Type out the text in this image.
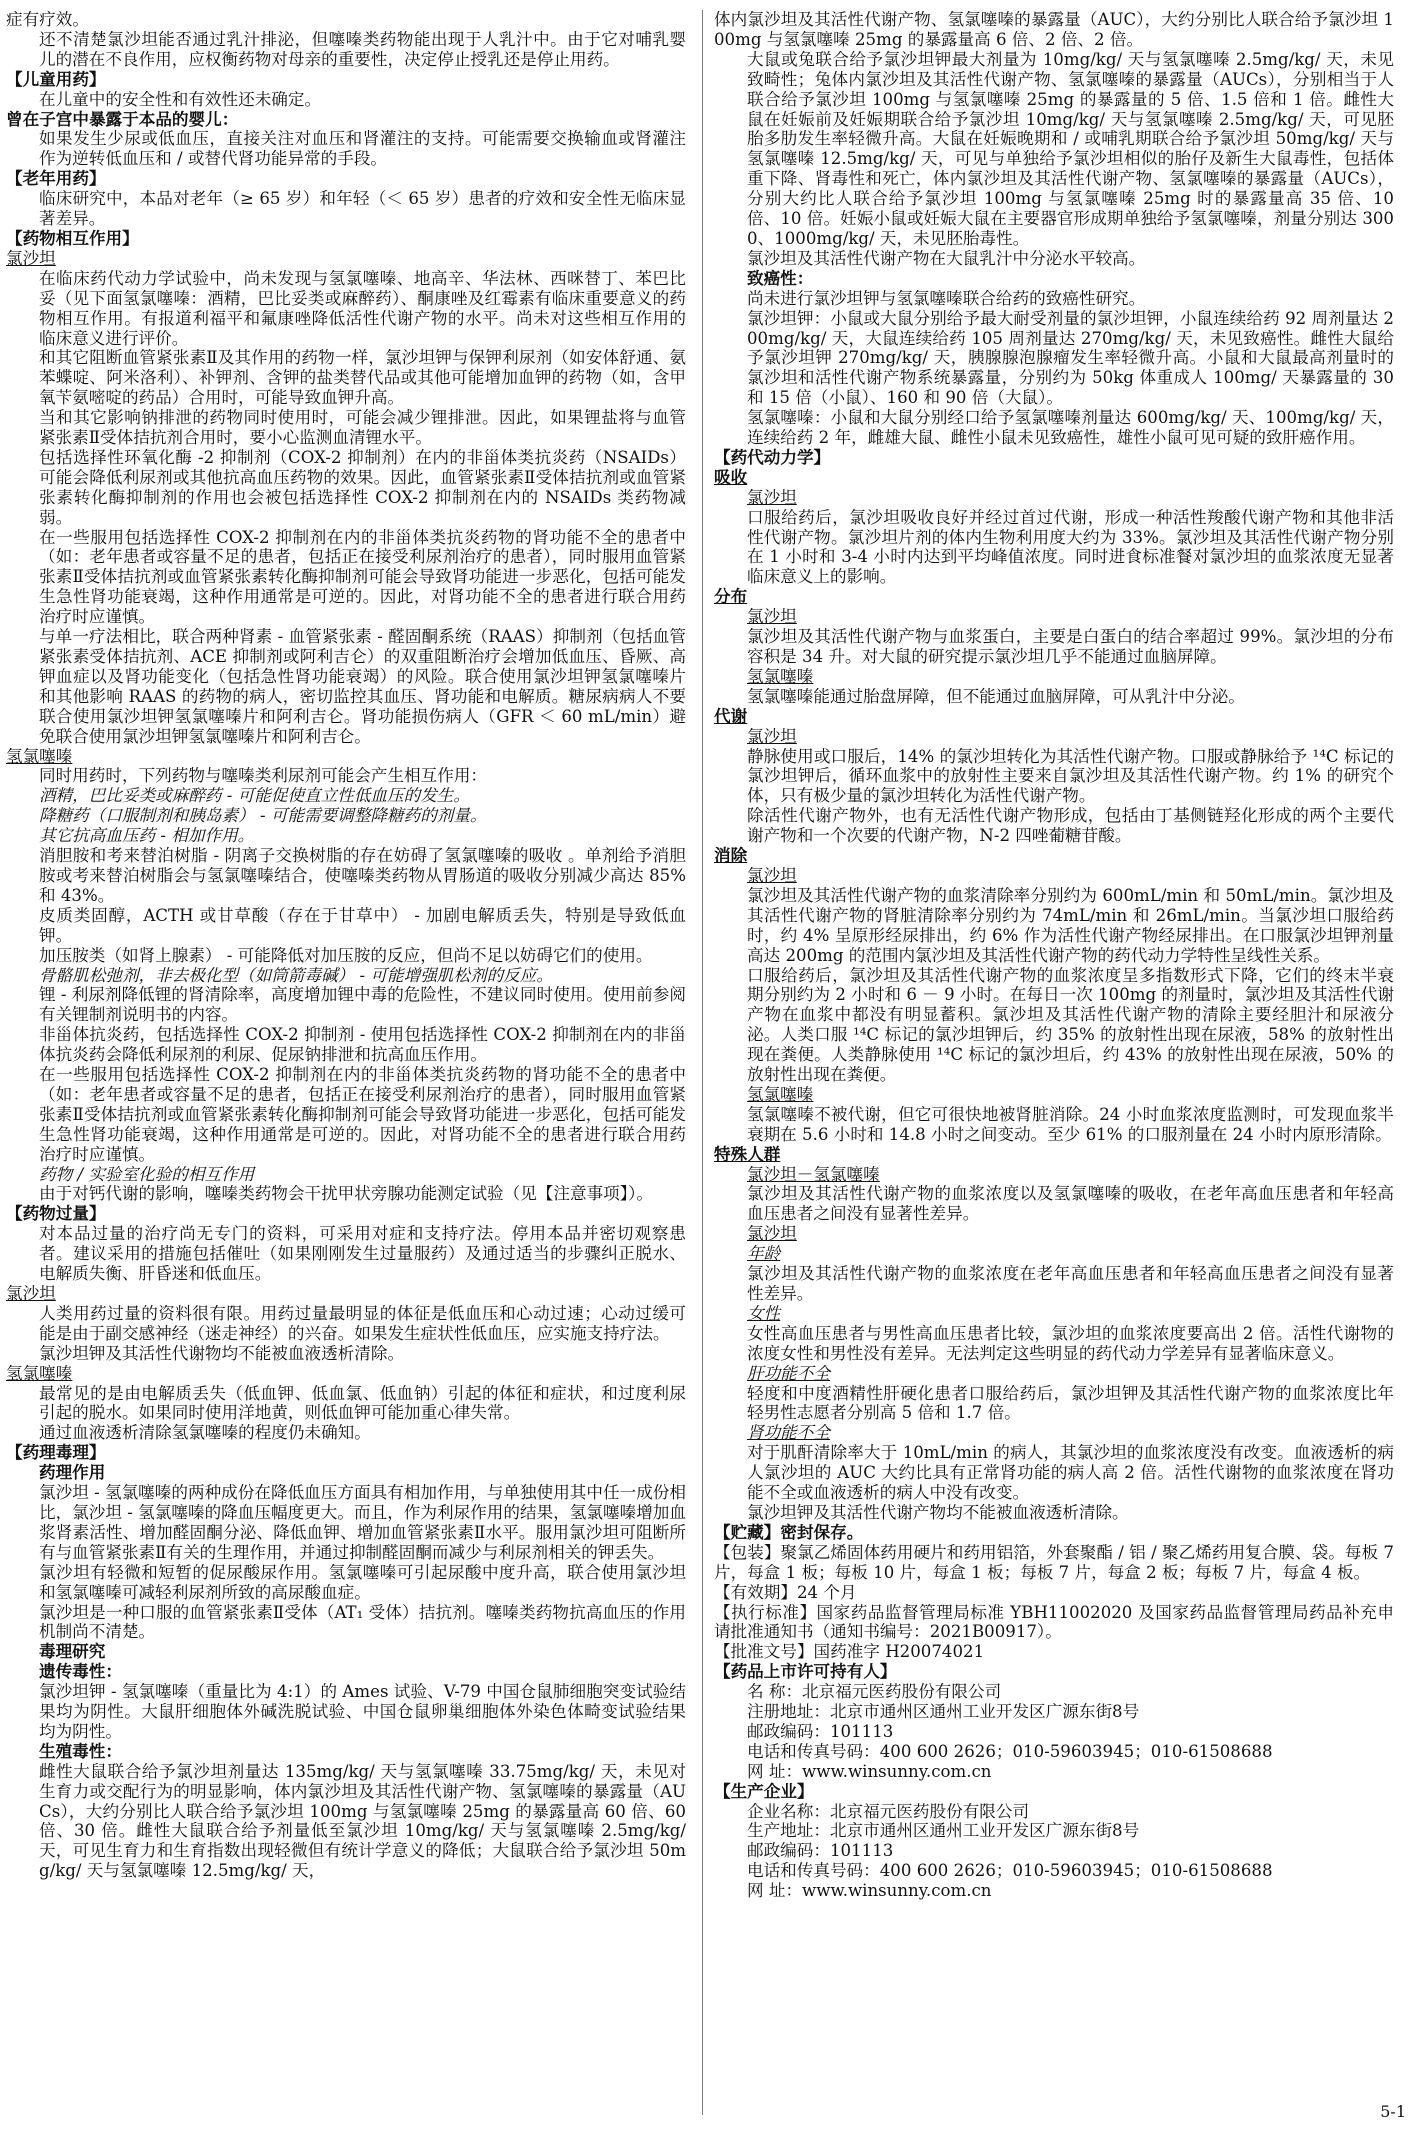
症有疗效。

还不清楚氯沙坦能否通过乳汁排泌，但噻嗪类药物能出现于人乳汁中。由于它对哺乳婴儿的潜在不良作用，应权衡药物对母亲的重要性，决定停止授乳还是停止用药。

【儿童用药】

在儿童中的安全性和有效性还未确定。

曾在子宫中暴露于本品的婴儿：

如果发生少尿或低血压，直接关注对血压和肾灌注的支持。可能需要交换输血或肾灌注作为逆转低血压和 / 或替代肾功能异常的手段。

【老年用药】

临床研究中，本品对老年（≥ 65 岁）和年轻（＜ 65 岁）患者的疗效和安全性无临床显著差异。

【药物相互作用】

氯沙坦

在临床药代动力学试验中，尚未发现与氢氯噻嗪、地高辛、华法林、西咪替丁、苯巴比妥（见下面氢氯噻嗪：酒精，巴比妥类或麻醉药）、酮康唑及红霉素有临床重要意义的药物相互作用。有报道利福平和氟康唑降低活性代谢产物的水平。尚未对这些相互作用的临床意义进行评价。

和其它阻断血管紧张素Ⅱ及其作用的药物一样，氯沙坦钾与保钾利尿剂（如安体舒通、氨苯蝶啶、阿米洛利）、补钾剂、含钾的盐类替代品或其他可能增加血钾的药物（如，含甲氧苄氨嘧啶的药品）合用时，可能导致血钾升高。

当和其它影响钠排泄的药物同时使用时，可能会减少锂排泄。因此，如果锂盐将与血管紧张素Ⅱ受体拮抗剂合用时，要小心监测血清锂水平。

包括选择性环氧化酶 -2 抑制剂（COX-2 抑制剂）在内的非甾体类抗炎药（NSAIDs）可能会降低利尿剂或其他抗高血压药物的效果。因此，血管紧张素Ⅱ受体拮抗剂或血管紧张素转化酶抑制剂的作用也会被包括选择性 COX-2 抑制剂在内的 NSAIDs 类药物减弱。

在一些服用包括选择性 COX-2 抑制剂在内的非甾体类抗炎药物的肾功能不全的患者中（如：老年患者或容量不足的患者，包括正在接受利尿剂治疗的患者），同时服用血管紧张素Ⅱ受体拮抗剂或血管紧张素转化酶抑制剂可能会导致肾功能进一步恶化，包括可能发生急性肾功能衰竭，这种作用通常是可逆的。因此，对肾功能不全的患者进行联合用药治疗时应谨慎。

与单一疗法相比，联合两种肾素 - 血管紧张素 - 醛固酮系统（RAAS）抑制剂（包括血管紧张素受体拮抗剂、ACE 抑制剂或阿利吉仑）的双重阻断治疗会增加低血压、昏厥、高钾血症以及肾功能变化（包括急性肾功能衰竭）的风险。联合使用氯沙坦钾氢氯噻嗪片和其他影响 RAAS 的药物的病人，密切监控其血压、肾功能和电解质。糖尿病病人不要联合使用氯沙坦钾氢氯噻嗪片和阿利吉仑。肾功能损伤病人（GFR ＜ 60 mL/min）避免联合使用氯沙坦钾氢氯噻嗪片和阿利吉仑。

氢氯噻嗪

同时用药时，下列药物与噻嗪类利尿剂可能会产生相互作用：

酒精，巴比妥类或麻醉药 - 可能促使直立性低血压的发生。

降糖药（口服制剂和胰岛素） - 可能需要调整降糖药的剂量。

其它抗高血压药 - 相加作用。

消胆胺和考来替泊树脂 - 阴离子交换树脂的存在妨碍了氢氯噻嗪的吸收 。单剂给予消胆胺或考来替泊树脂会与氢氯噻嗪结合，使噻嗪类药物从胃肠道的吸收分别减少高达 85% 和 43%。

皮质类固醇，ACTH 或甘草酸（存在于甘草中） - 加剧电解质丢失，特别是导致低血钾。

加压胺类（如肾上腺素） - 可能降低对加压胺的反应，但尚不足以妨碍它们的使用。

骨骼肌松弛剂，非去极化型（如筒箭毒碱） - 可能增强肌松剂的反应。

锂 - 利尿剂降低锂的肾清除率，高度增加锂中毒的危险性，不建议同时使用。使用前参阅有关锂制剂说明书的内容。

非甾体抗炎药，包括选择性 COX-2 抑制剂 - 使用包括选择性 COX-2 抑制剂在内的非甾体抗炎药会降低利尿剂的利尿、促尿钠排泄和抗高血压作用。

在一些服用包括选择性 COX-2 抑制剂在内的非甾体类抗炎药物的肾功能不全的患者中（如：老年患者或容量不足的患者，包括正在接受利尿剂治疗的患者），同时服用血管紧张素Ⅱ受体拮抗剂或血管紧张素转化酶抑制剂可能会导致肾功能进一步恶化，包括可能发生急性肾功能衰竭，这种作用通常是可逆的。因此，对肾功能不全的患者进行联合用药治疗时应谨慎。

药物 / 实验室化验的相互作用

由于对钙代谢的影响，噻嗪类药物会干扰甲状旁腺功能测定试验（见【注意事项】）。

【药物过量】

对本品过量的治疗尚无专门的资料，可采用对症和支持疗法。停用本品并密切观察患者。建议采用的措施包括催吐（如果刚刚发生过量服药）及通过适当的步骤纠正脱水、电解质失衡、肝昏迷和低血压。

氯沙坦

人类用药过量的资料很有限。用药过量最明显的体征是低血压和心动过速；心动过缓可能是由于副交感神经（迷走神经）的兴奋。如果发生症状性低血压，应实施支持疗法。

氯沙坦钾及其活性代谢物均不能被血液透析清除。

氢氯噻嗪

最常见的是由电解质丢失（低血钾、低血氯、低血钠）引起的体征和症状，和过度利尿引起的脱水。如果同时使用洋地黄，则低血钾可能加重心律失常。

通过血液透析清除氢氯噻嗪的程度仍未确知。

【药理毒理】

药理作用

氯沙坦 - 氢氯噻嗪的两种成份在降低血压方面具有相加作用，与单独使用其中任一成份相比，氯沙坦 - 氢氯噻嗪的降血压幅度更大。而且，作为利尿作用的结果，氢氯噻嗪增加血浆肾素活性、增加醛固酮分泌、降低血钾、增加血管紧张素Ⅱ水平。服用氯沙坦可阻断所有与血管紧张素Ⅱ有关的生理作用，并通过抑制醛固酮而减少与利尿剂相关的钾丢失。

氯沙坦有轻微和短暂的促尿酸尿作用。氢氯噻嗪可引起尿酸中度升高，联合使用氯沙坦和氢氯噻嗪可减轻利尿剂所致的高尿酸血症。

氯沙坦是一种口服的血管紧张素Ⅱ受体（AT₁ 受体）拮抗剂。噻嗪类药物抗高血压的作用机制尚不清楚。

毒理研究

遗传毒性：

氯沙坦钾 - 氢氯噻嗪（重量比为 4:1）的 Ames 试验、V-79 中国仓鼠肺细胞突变试验结果均为阴性。大鼠肝细胞体外碱洗脱试验、中国仓鼠卵巢细胞体外染色体畸变试验结果均为阴性。

生殖毒性：

雌性大鼠联合给予氯沙坦剂量达 135mg/kg/ 天与氢氯噻嗪 33.75mg/kg/ 天，未见对生育力或交配行为的明显影响，体内氯沙坦及其活性代谢产物、氢氯噻嗪的暴露量（AUCs），大约分别比人联合给予氯沙坦 100mg 与氢氯噻嗪 25mg 的暴露量高 60 倍、60 倍、30 倍。雌性大鼠联合给予剂量低至氯沙坦 10mg/kg/ 天与氢氯噻嗪 2.5mg/kg/ 天，可见生育力和生育指数出现轻微但有统计学意义的降低；大鼠联合给予氯沙坦 50mg/kg/ 天与氢氯噻嗪 12.5mg/kg/ 天，

体内氯沙坦及其活性代谢产物、氢氯噻嗪的暴露量（AUC），大约分别比人联合给予氯沙坦 100mg 与氢氯噻嗪 25mg 的暴露量高 6 倍、2 倍、2 倍。

大鼠或兔联合给予氯沙坦钾最大剂量为 10mg/kg/ 天与氢氯噻嗪 2.5mg/kg/ 天，未见致畸性；兔体内氯沙坦及其活性代谢产物、氢氯噻嗪的暴露量（AUCs），分别相当于人联合给予氯沙坦 100mg 与氢氯噻嗪 25mg 的暴露量的 5 倍、1.5 倍和 1 倍。雌性大鼠在妊娠前及妊娠期联合给予氯沙坦 10mg/kg/ 天与氢氯噻嗪 2.5mg/kg/ 天，可见胚胎多肋发生率轻微升高。大鼠在妊娠晚期和 / 或哺乳期联合给予氯沙坦 50mg/kg/ 天与氢氯噻嗪 12.5mg/kg/ 天，可见与单独给予氯沙坦相似的胎仔及新生大鼠毒性，包括体重下降、肾毒性和死亡，体内氯沙坦及其活性代谢产物、氢氯噻嗪的暴露量（AUCs），分别大约比人联合给予氯沙坦 100mg 与氢氯噻嗪 25mg 时的暴露量高 35 倍、10 倍、10 倍。妊娠小鼠或妊娠大鼠在主要器官形成期单独给予氢氯噻嗪，剂量分别达 3000、1000mg/kg/ 天，未见胚胎毒性。

氯沙坦及其活性代谢产物在大鼠乳汁中分泌水平较高。

致癌性：

尚未进行氯沙坦钾与氢氯噻嗪联合给药的致癌性研究。

氯沙坦钾：小鼠或大鼠分别给予最大耐受剂量的氯沙坦钾，小鼠连续给药 92 周剂量达 200mg/kg/ 天，大鼠连续给药 105 周剂量达 270mg/kg/ 天，未见致癌性。雌性大鼠给予氯沙坦钾 270mg/kg/ 天，胰腺腺泡腺瘤发生率轻微升高。小鼠和大鼠最高剂量时的氯沙坦和活性代谢产物系统暴露量，分别约为 50kg 体重成人 100mg/ 天暴露量的 30 和 15 倍（小鼠）、160 和 90 倍（大鼠）。

氢氯噻嗪：小鼠和大鼠分别经口给予氢氯噻嗪剂量达 600mg/kg/ 天、100mg/kg/ 天，连续给药 2 年，雌雄大鼠、雌性小鼠未见致癌性，雄性小鼠可见可疑的致肝癌作用。

【药代动力学】

吸收

氯沙坦

口服给药后，氯沙坦吸收良好并经过首过代谢，形成一种活性羧酸代谢产物和其他非活性代谢产物。氯沙坦片剂的体内生物利用度大约为 33%。氯沙坦及其活性代谢产物分别在 1 小时和 3-4 小时内达到平均峰值浓度。同时进食标准餐对氯沙坦的血浆浓度无显著临床意义上的影响。

分布

氯沙坦

氯沙坦及其活性代谢产物与血浆蛋白，主要是白蛋白的结合率超过 99%。氯沙坦的分布容积是 34 升。对大鼠的研究提示氯沙坦几乎不能通过血脑屏障。

氢氯噻嗪

氢氯噻嗪能通过胎盘屏障，但不能通过血脑屏障，可从乳汁中分泌。

代谢

氯沙坦

静脉使用或口服后，14% 的氯沙坦转化为其活性代谢产物。口服或静脉给予 ¹⁴C 标记的氯沙坦钾后，循环血浆中的放射性主要来自氯沙坦及其活性代谢产物。约 1% 的研究个体，只有极少量的氯沙坦转化为活性代谢产物。

除活性代谢产物外，也有无活性代谢产物形成，包括由丁基侧链羟化形成的两个主要代谢产物和一个次要的代谢产物，N-2 四唑葡糖苷酸。

消除

氯沙坦

氯沙坦及其活性代谢产物的血浆清除率分别约为 600mL/min 和 50mL/min。氯沙坦及其活性代谢产物的肾脏清除率分别约为 74mL/min 和 26mL/min。当氯沙坦口服给药时，约 4% 呈原形经尿排出，约 6% 作为活性代谢产物经尿排出。在口服氯沙坦钾剂量高达 200mg 的范围内氯沙坦及其活性代谢产物的药代动力学特性呈线性关系。

口服给药后，氯沙坦及其活性代谢产物的血浆浓度呈多指数形式下降，它们的终末半衰期分别约为 2 小时和 6 － 9 小时。在每日一次 100mg 的剂量时，氯沙坦及其活性代谢产物在血浆中都没有明显蓄积。氯沙坦及其活性代谢产物的清除主要经胆汁和尿液分泌。人类口服 ¹⁴C 标记的氯沙坦钾后，约 35% 的放射性出现在尿液，58% 的放射性出现在粪便。人类静脉使用 ¹⁴C 标记的氯沙坦后，约 43% 的放射性出现在尿液，50% 的放射性出现在粪便。

氢氯噻嗪

氢氯噻嗪不被代谢，但它可很快地被肾脏消除。24 小时血浆浓度监测时，可发现血浆半衰期在 5.6 小时和 14.8 小时之间变动。至少 61% 的口服剂量在 24 小时内原形清除。

特殊人群

氯沙坦－氢氯噻嗪

氯沙坦及其活性代谢产物的血浆浓度以及氢氯噻嗪的吸收，在老年高血压患者和年轻高血压患者之间没有显著性差异。

氯沙坦

年龄

氯沙坦及其活性代谢产物的血浆浓度在老年高血压患者和年轻高血压患者之间没有显著性差异。

女性

女性高血压患者与男性高血压患者比较，氯沙坦的血浆浓度要高出 2 倍。活性代谢物的浓度女性和男性没有差异。无法判定这些明显的药代动力学差异有显著临床意义。

肝功能不全

轻度和中度酒精性肝硬化患者口服给药后，氯沙坦钾及其活性代谢产物的血浆浓度比年轻男性志愿者分别高 5 倍和 1.7 倍。

肾功能不全

对于肌酐清除率大于 10mL/min 的病人，其氯沙坦的血浆浓度没有改变。血液透析的病人氯沙坦的 AUC 大约比具有正常肾功能的病人高 2 倍。活性代谢物的血浆浓度在肾功能不全或血液透析的病人中没有改变。

氯沙坦钾及其活性代谢产物均不能被血液透析清除。

【贮藏】密封保存。

【包装】聚氯乙烯固体药用硬片和药用铝箔，外套聚酯 / 铝 / 聚乙烯药用复合膜、袋。每板 7 片，每盒 1 板；每板 10 片，每盒 1 板；每板 7 片，每盒 2 板；每板 7 片，每盒 4 板。

【有效期】24 个月

【执行标准】国家药品监督管理局标准 YBH11002020 及国家药品监督管理局药品补充申请批准通知书（通知书编号：2021B00917）。

【批准文号】国药准字 H20074021

【药品上市许可持有人】

名 称：北京福元医药股份有限公司

注册地址：北京市通州区通州工业开发区广源东街8号

邮政编码：101113

电话和传真号码：400 600 2626；010-59603945；010-61508688

网 址：www.winsunny.com.cn

【生产企业】

企业名称：北京福元医药股份有限公司

生产地址：北京市通州区通州工业开发区广源东街8号

邮政编码：101113

电话和传真号码：400 600 2626；010-59603945；010-61508688

网 址：www.winsunny.com.cn

5-1
